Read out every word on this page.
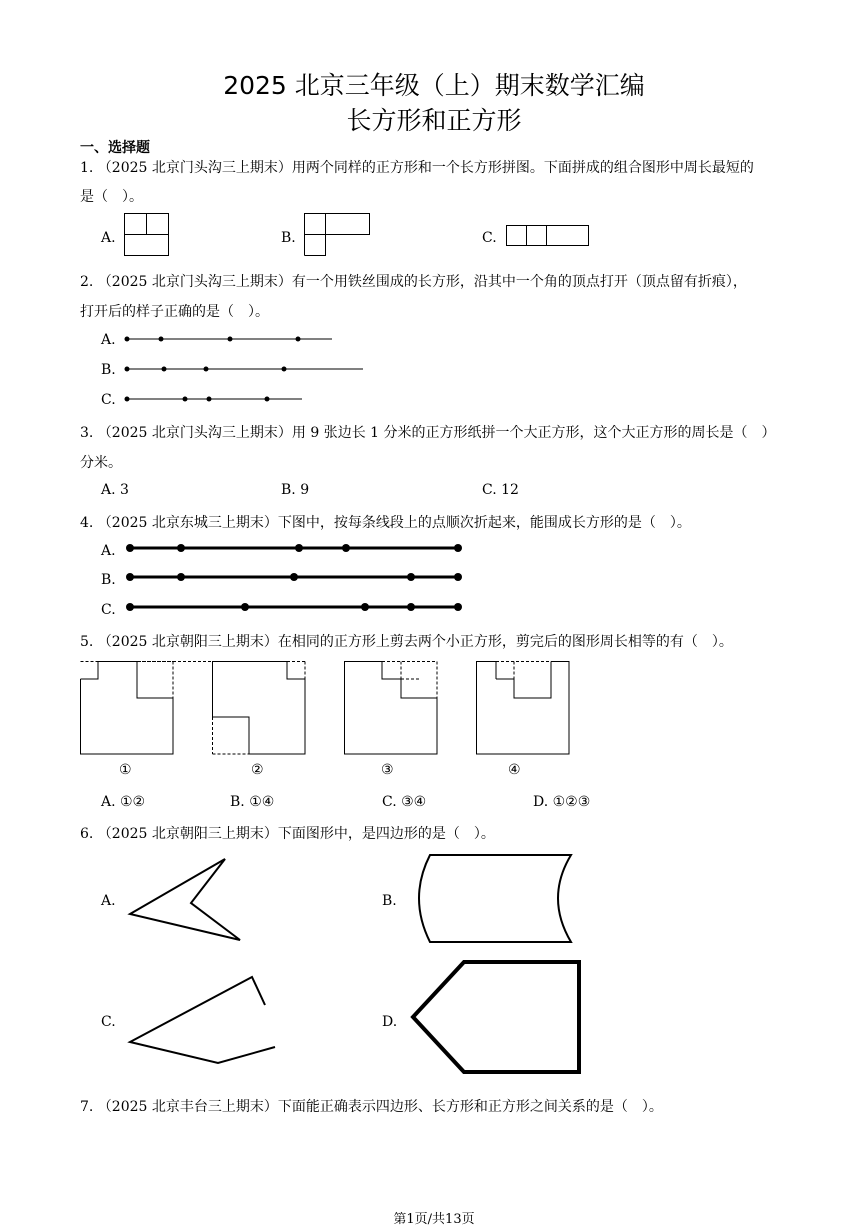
2025 北京三年级（上）期末数学汇编
长方形和正方形
一、选择题
1. （2025 北京门头沟三上期末）用两个同样的正方形和一个长方形拼图。下面拼成的组合图形中周长最短的
是（　）。
A.	B.	C.
2. （2025 北京门头沟三上期末）有一个用铁丝围成的长方形，沿其中一个角的顶点打开（顶点留有折痕），
打开后的样子正确的是（　）。
A.
B.
C.
3. （2025 北京门头沟三上期末）用 9 张边长 1 分米的正方形纸拼一个大正方形，这个大正方形的周长是（　）
分米。
A. 3	B. 9	C. 12
4. （2025 北京东城三上期末）下图中，按每条线段上的点顺次折起来，能围成长方形的是（　）。
A.
B.
C.
5. （2025 北京朝阳三上期末）在相同的正方形上剪去两个小正方形，剪完后的图形周长相等的有（　）。
①	②	③	④
A. ①②	B. ①④	C. ③④	D. ①②③
6. （2025 北京朝阳三上期末）下面图形中，是四边形的是（　）。
A.	B.
C.	D.
7. （2025 北京丰台三上期末）下面能正确表示四边形、长方形和正方形之间关系的是（　）。
第1页/共13页
